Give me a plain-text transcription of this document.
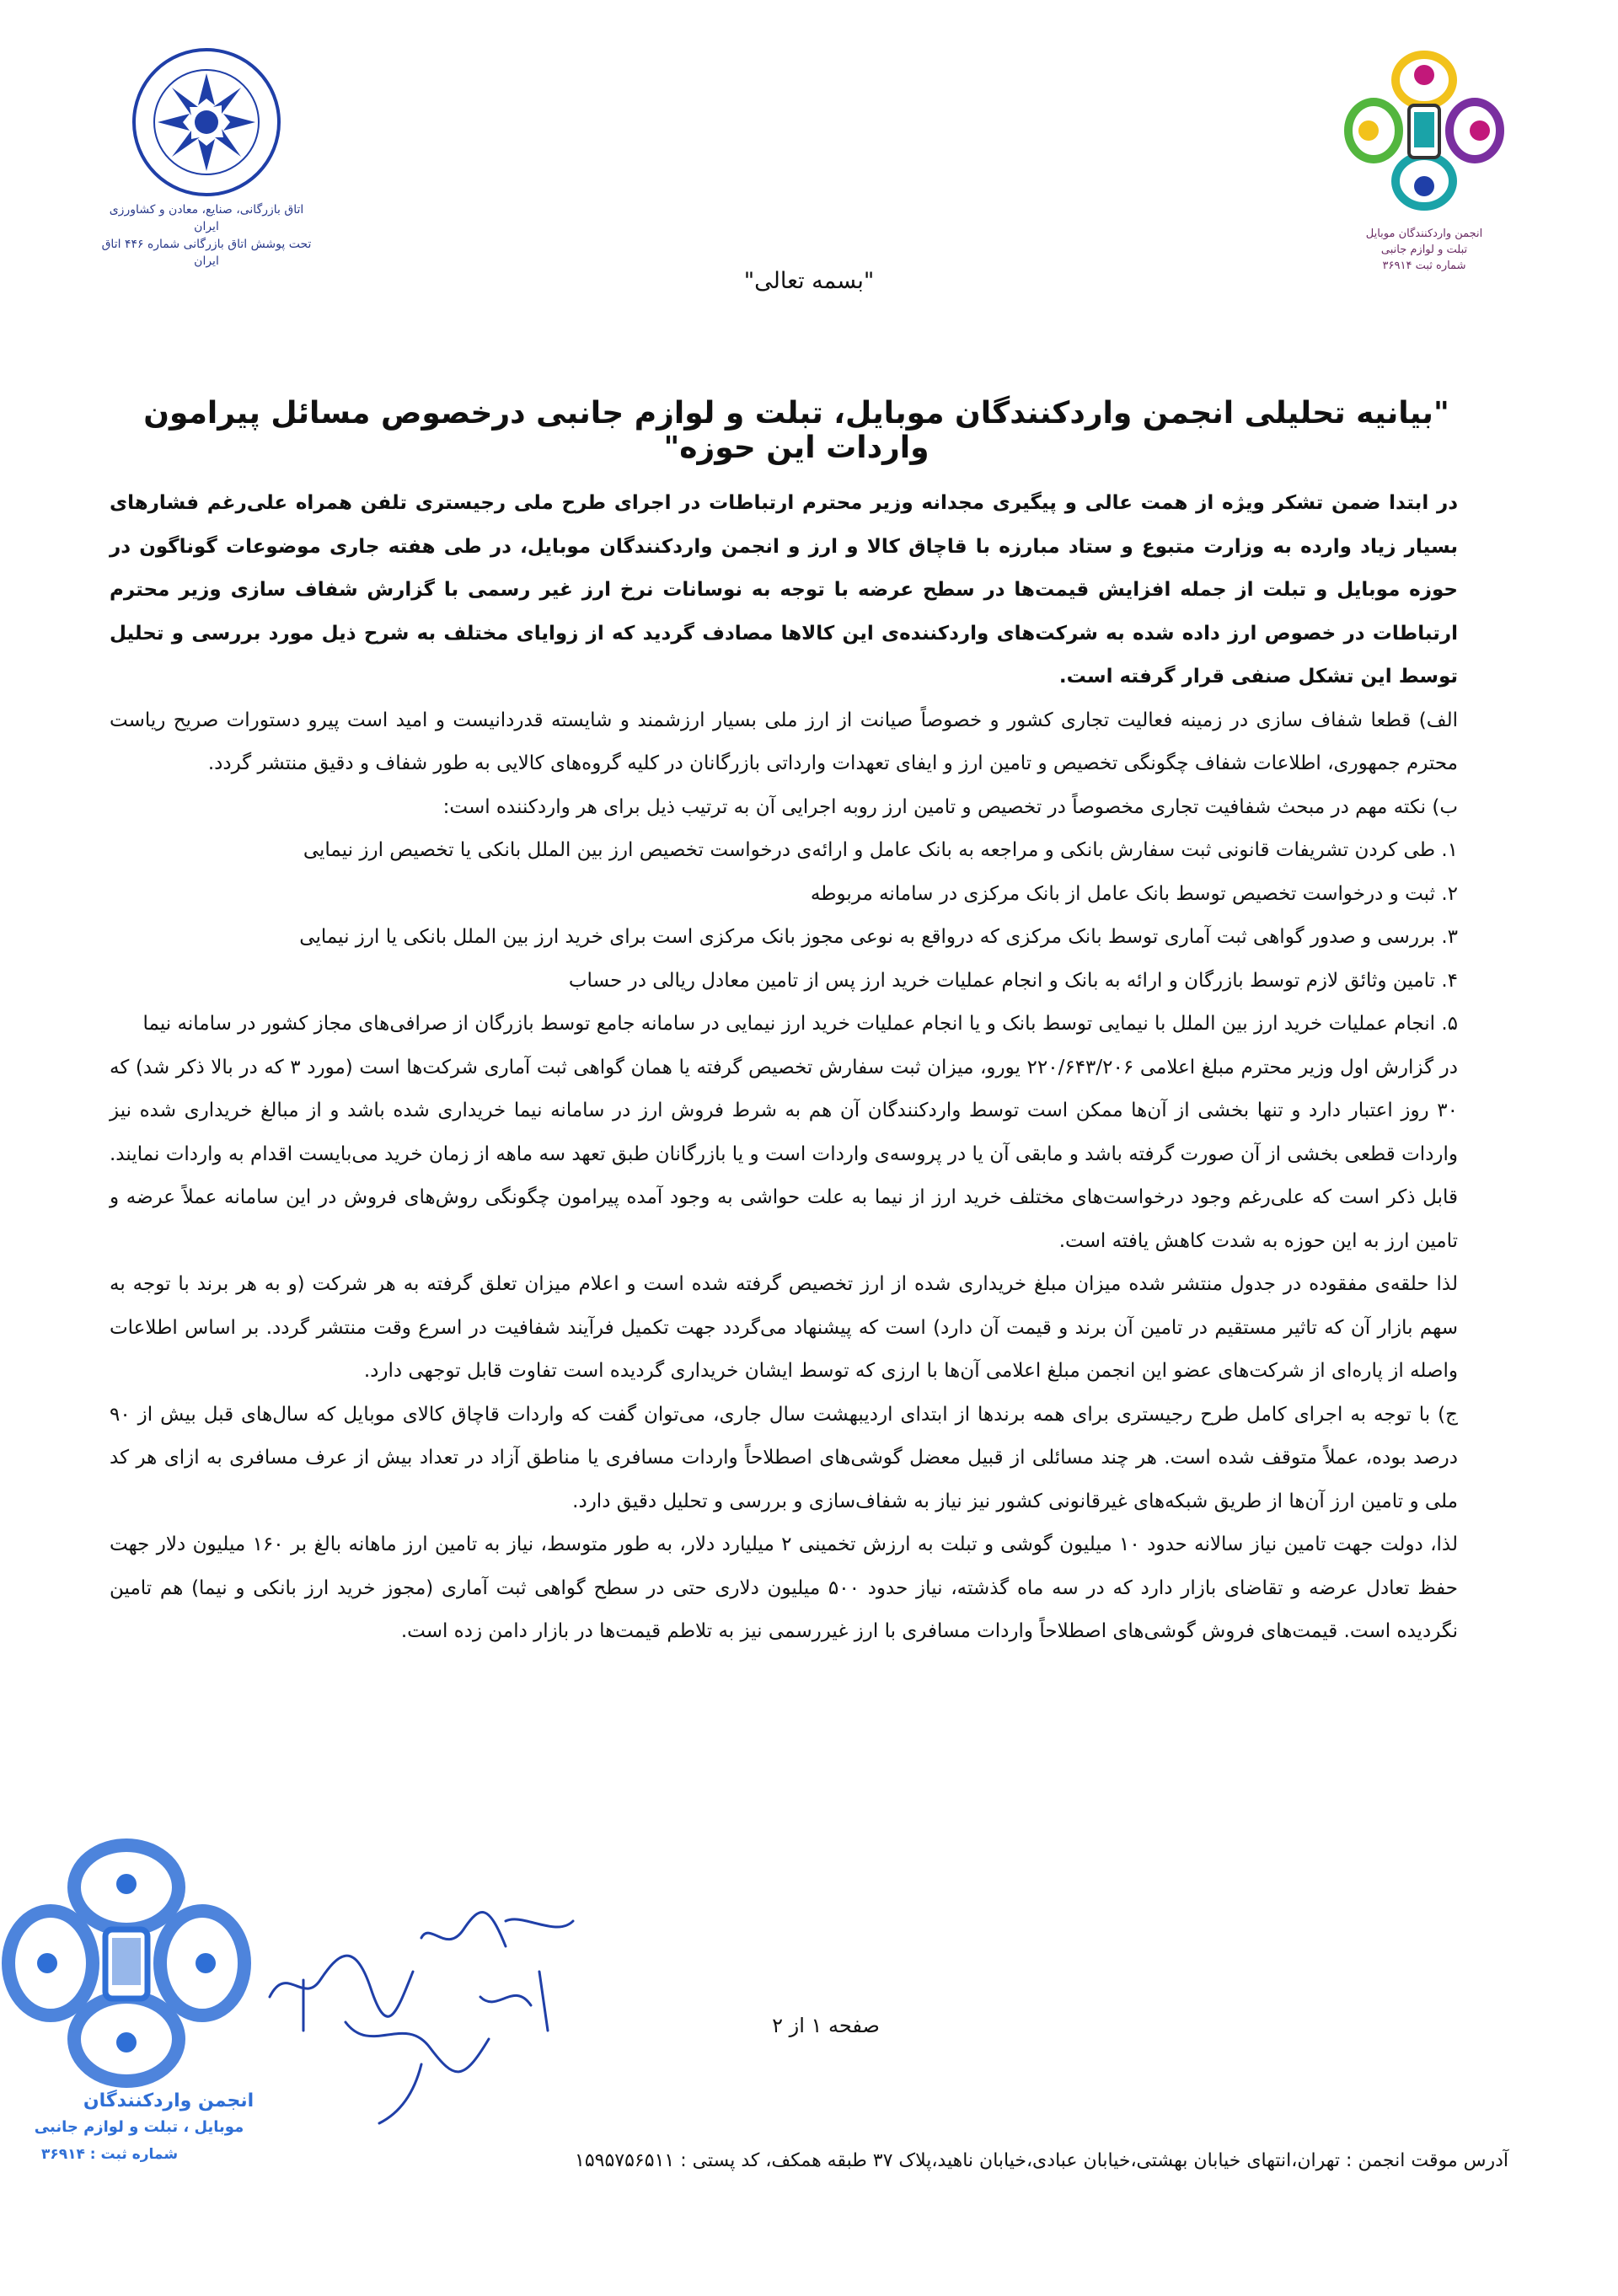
اتاق بازرگانی، صنایع، معادن و کشاورزی ایران
تحت پوشش اتاق بازرگانی شماره ۴۴۶ اتاق ایران
انجمن واردکنندگان موبایل
تبلت و لوازم جانبی
شماره ثبت ۳۶۹۱۴
"بسمه تعالی"
"بیانیه تحلیلی انجمن واردکنندگان موبایل، تبلت و لوازم جانبی درخصوص مسائل پیرامون واردات این حوزه"

در ابتدا ضمن تشکر ویژه از همت عالی و پیگیری مجدانه وزیر محترم ارتباطات در اجرای طرح ملی رجیستری تلفن همراه علی‌رغم فشارهای بسیار زیاد وارده به وزارت متبوع و ستاد مبارزه با قاچاق کالا و ارز و انجمن واردکنندگان موبایل، در طی هفته جاری موضوعات گوناگون در حوزه موبایل و تبلت از جمله افزایش قیمت‌ها در سطح عرضه با توجه به نوسانات نرخ ارز غیر رسمی با گزارش شفاف سازی وزیر محترم ارتباطات در خصوص ارز داده شده به شرکت‌های واردکننده‌ی این کالاها مصادف گردید که از زوایای مختلف به شرح ذیل مورد بررسی و تحلیل توسط این تشکل صنفی قرار گرفته است.

الف) قطعا شفاف سازی در زمینه فعالیت تجاری کشور و خصوصاً صیانت از ارز ملی بسیار ارزشمند و شایسته قدردانیست و امید است پیرو دستورات صریح ریاست محترم جمهوری، اطلاعات شفاف چگونگی تخصیص و تامین ارز و ایفای تعهدات وارداتی بازرگانان در کلیه گروه‌های کالایی به طور شفاف و دقیق منتشر گردد.

ب) نکته مهم در مبحث شفافیت تجاری مخصوصاً در تخصیص و تامین ارز روبه اجرایی آن به ترتیب ذیل برای هر واردکننده است:

۱. طی کردن تشریفات قانونی ثبت سفارش بانکی و مراجعه به بانک عامل و ارائه‌ی درخواست تخصیص ارز بین الملل بانکی یا تخصیص ارز نیمایی

۲. ثبت و درخواست تخصیص توسط بانک عامل از بانک مرکزی در سامانه مربوطه

۳. بررسی و صدور گواهی ثبت آماری توسط بانک مرکزی که درواقع به نوعی مجوز بانک مرکزی است برای خرید ارز بین الملل بانکی یا ارز نیمایی

۴. تامین وثائق لازم توسط بازرگان و ارائه به بانک و انجام عملیات خرید ارز پس از تامین معادل ریالی در حساب

۵. انجام عملیات خرید ارز بین الملل با نیمایی توسط بانک و یا انجام عملیات خرید ارز نیمایی در سامانه جامع توسط بازرگان از صرافی‌های مجاز کشور در سامانه نیما

در گزارش اول وزیر محترم مبلغ اعلامی ۲۲۰/۶۴۳/۲۰۶ یورو، میزان ثبت سفارش تخصیص گرفته یا همان گواهی ثبت آماری شرکت‌ها است (مورد ۳ که در بالا ذکر شد) که ۳۰ روز اعتبار دارد و تنها بخشی از آن‌ها ممکن است توسط واردکنندگان آن هم به شرط فروش ارز در سامانه نیما خریداری شده باشد و از مبالغ خریداری شده نیز واردات قطعی بخشی از آن صورت گرفته باشد و مابقی آن یا در پروسه‌ی واردات است و یا بازرگانان طبق تعهد سه ماهه از زمان خرید می‌بایست اقدام به واردات نمایند. قابل ذکر است که علی‌رغم وجود درخواست‌های مختلف خرید ارز از نیما به علت حواشی به وجود آمده پیرامون چگونگی روش‌های فروش در این سامانه عملاً عرضه و تامین ارز به این حوزه به شدت کاهش یافته است.

لذا حلقه‌ی مفقوده در جدول منتشر شده میزان مبلغ خریداری شده از ارز تخصیص گرفته شده است و اعلام میزان تعلق گرفته به هر شرکت (و به هر برند با توجه به سهم بازار آن که تاثیر مستقیم در تامین آن برند و قیمت آن دارد) است که پیشنهاد می‌گردد جهت تکمیل فرآیند شفافیت در اسرع وقت منتشر گردد. بر اساس اطلاعات واصله از پاره‌ای از شرکت‌های عضو این انجمن مبلغ اعلامی آن‌ها با ارزی که توسط ایشان خریداری گردیده است تفاوت قابل توجهی دارد.

ج) با توجه به اجرای کامل طرح رجیستری برای همه برندها از ابتدای اردیبهشت سال جاری، می‌توان گفت که واردات قاچاق کالای موبایل که سال‌های قبل بیش از ۹۰ درصد بوده، عملاً متوقف شده است. هر چند مسائلی از قبیل معضل گوشی‌های اصطلاحاً واردات مسافری یا مناطق آزاد در تعداد بیش از عرف مسافری به ازای هر کد ملی و تامین ارز آن‌ها از طریق شبکه‌های غیرقانونی کشور نیز نیاز به شفاف‌سازی و بررسی و تحلیل دقیق دارد.

لذا، دولت جهت تامین نیاز سالانه حدود ۱۰ میلیون گوشی و تبلت به ارزش تخمینی ۲ میلیارد دلار، به طور متوسط، نیاز به تامین ارز ماهانه بالغ بر ۱۶۰ میلیون دلار جهت حفظ تعادل عرضه و تقاضای بازار دارد که در سه ماه گذشته، نیاز حدود ۵۰۰ میلیون دلاری حتی در سطح گواهی ثبت آماری (مجوز خرید ارز بانکی و نیما) هم تامین نگردیده است. قیمت‌های فروش گوشی‌های اصطلاحاً واردات مسافری با ارز غیررسمی نیز به تلاطم قیمت‌ها در بازار دامن زده است.

صفحه ۱ از ۲
انجمن واردکنندگان
موبایل ، تبلت و لوازم جانبی
شماره ثبت : ۳۶۹۱۴	آدرس موقت انجمن : تهران،انتهای خیابان بهشتی،خیابان عبادی،خیابان ناهید،پلاک ۳۷ طبقه همکف، کد پستی : ۱۵۹۵۷۵۶۵۱۱
